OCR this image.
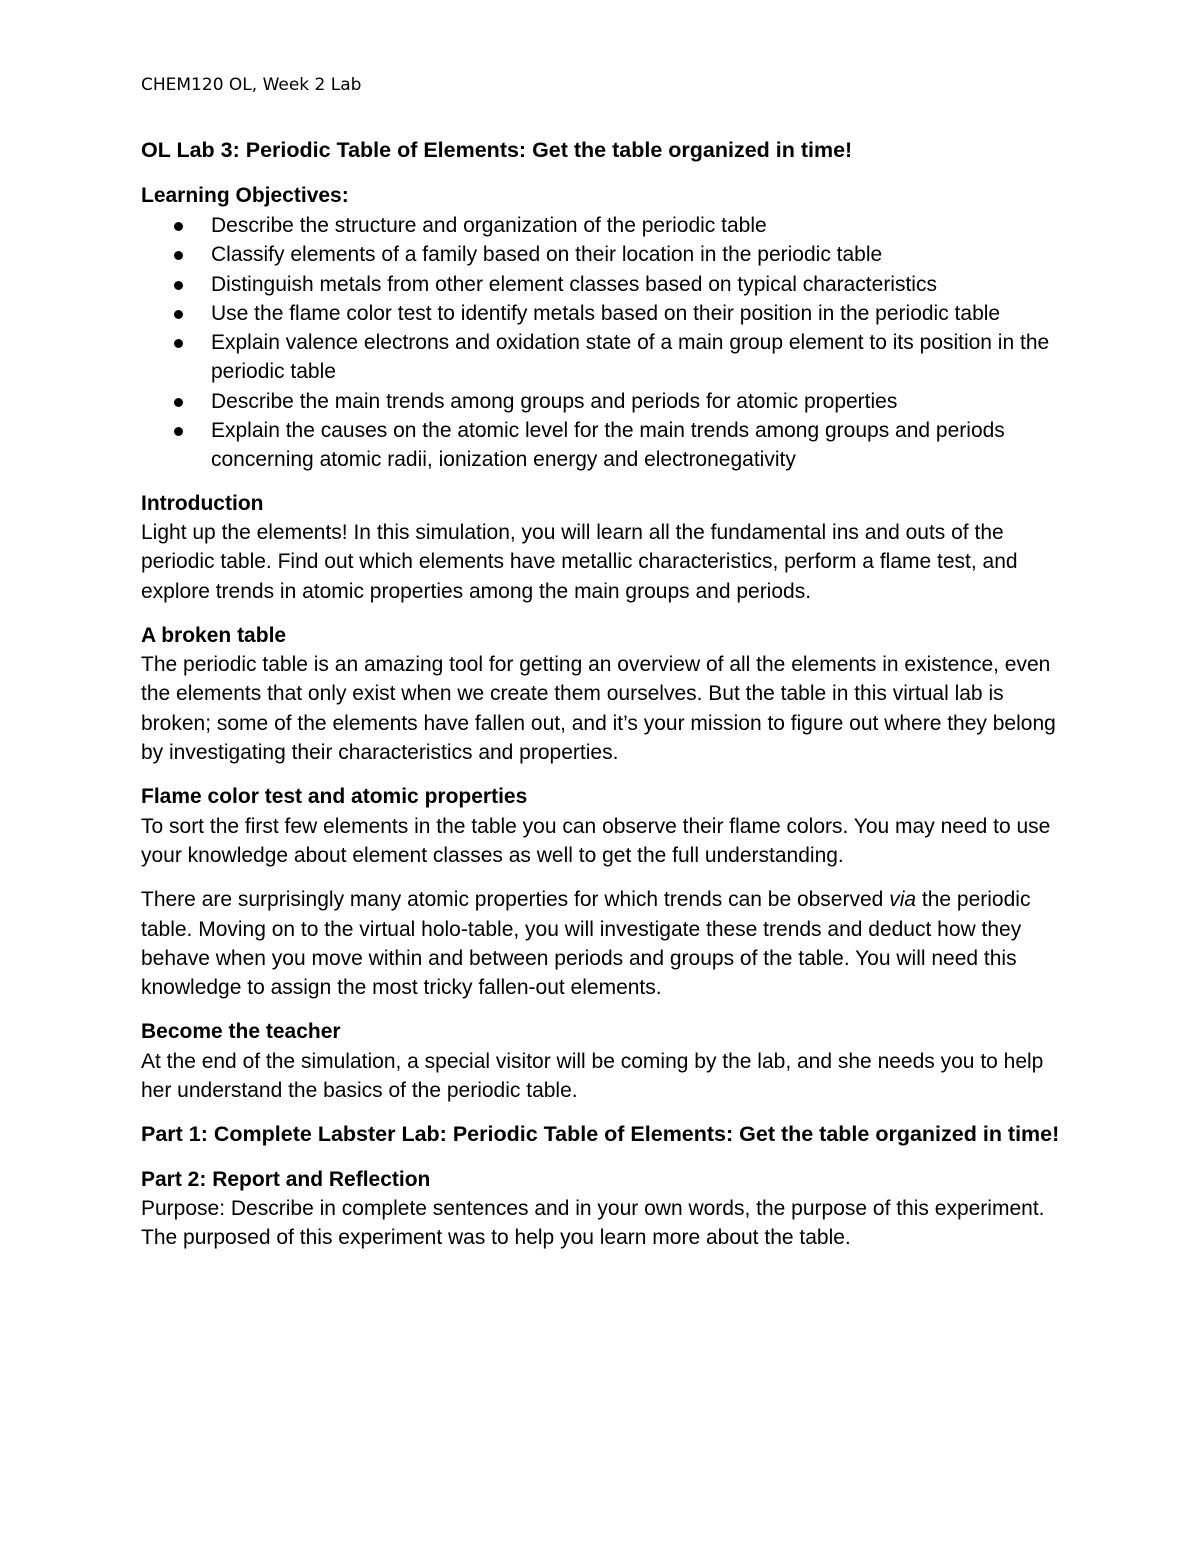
CHEM120 OL, Week 2 Lab
OL Lab 3: Periodic Table of Elements: Get the table organized in time!
Learning Objectives:
Describe the structure and organization of the periodic table
Classify elements of a family based on their location in the periodic table
Distinguish metals from other element classes based on typical characteristics
Use the flame color test to identify metals based on their position in the periodic table
Explain valence electrons and oxidation state of a main group element to its position in the periodic table
Describe the main trends among groups and periods for atomic properties
Explain the causes on the atomic level for the main trends among groups and periods concerning atomic radii, ionization energy and electronegativity
Introduction

Light up the elements! In this simulation, you will learn all the fundamental ins and outs of the periodic table. Find out which elements have metallic characteristics, perform a flame test, and explore trends in atomic properties among the main groups and periods.

A broken table

The periodic table is an amazing tool for getting an overview of all the elements in existence, even the elements that only exist when we create them ourselves. But the table in this virtual lab is broken; some of the elements have fallen out, and it’s your mission to figure out where they belong by investigating their characteristics and properties.

Flame color test and atomic properties

To sort the first few elements in the table you can observe their flame colors. You may need to use your knowledge about element classes as well to get the full understanding.

There are surprisingly many atomic properties for which trends can be observed via the periodic table. Moving on to the virtual holo-table, you will investigate these trends and deduct how they behave when you move within and between periods and groups of the table. You will need this knowledge to assign the most tricky fallen-out elements.

Become the teacher

At the end of the simulation, a special visitor will be coming by the lab, and she needs you to help her understand the basics of the periodic table.

Part 1: Complete Labster Lab: Periodic Table of Elements: Get the table organized in time!
Part 2: Report and Reflection

Purpose: Describe in complete sentences and in your own words, the purpose of this experiment. The purposed of this experiment was to help you learn more about the table.
